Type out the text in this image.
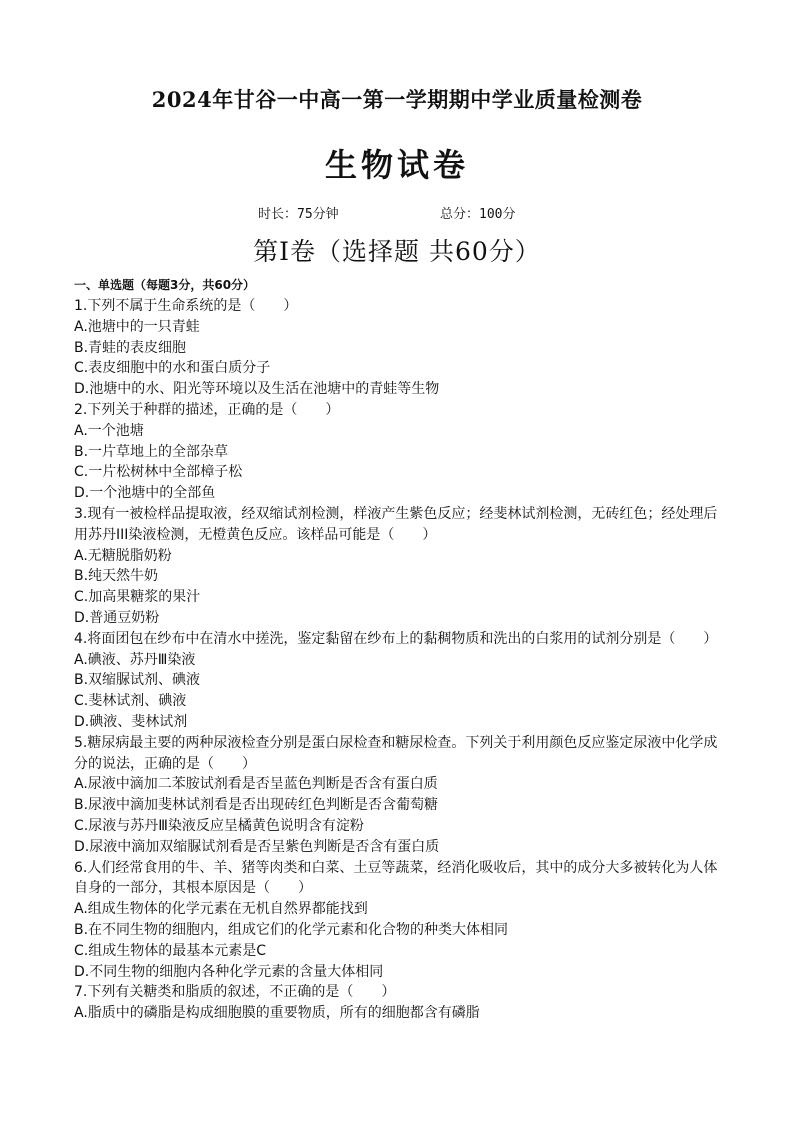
2024年甘谷一中高一第一学期期中学业质量检测卷
生物试卷
时长：75分钟	总分：100分
第Ⅰ卷（选择题 共60分）
一、单选题（每题3分，共60分）
1.下列不属于生命系统的是（　　）
A.池塘中的一只青蛙
B.青蛙的表皮细胞
C.表皮细胞中的水和蛋白质分子
D.池塘中的水、阳光等环境以及生活在池塘中的青蛙等生物
2.下列关于种群的描述，正确的是（　　）
A.一个池塘
B.一片草地上的全部杂草
C.一片松树林中全部樟子松
D.一个池塘中的全部鱼
3.现有一被检样品提取液，经双缩试剂检测，样液产生紫色反应；经斐林试剂检测，无砖红色；经处理后用苏丹III染液检测，无橙黄色反应。该样品可能是（　　）
A.无糖脱脂奶粉
B.纯天然牛奶
C.加高果糖浆的果汁
D.普通豆奶粉
4.将面团包在纱布中在清水中搓洗，鉴定黏留在纱布上的黏稠物质和洗出的白浆用的试剂分别是（　　）
A.碘液、苏丹Ⅲ染液
B.双缩脲试剂、碘液
C.斐林试剂、碘液
D.碘液、斐林试剂
5.糖尿病最主要的两种尿液检查分别是蛋白尿检查和糖尿检查。下列关于利用颜色反应鉴定尿液中化学成分的说法，正确的是（　　）
A.尿液中滴加二苯胺试剂看是否呈蓝色判断是否含有蛋白质
B.尿液中滴加斐林试剂看是否出现砖红色判断是否含葡萄糖
C.尿液与苏丹Ⅲ染液反应呈橘黄色说明含有淀粉
D.尿液中滴加双缩脲试剂看是否呈紫色判断是否含有蛋白质
6.人们经常食用的牛、羊、猪等肉类和白菜、土豆等蔬菜，经消化吸收后，其中的成分大多被转化为人体自身的一部分，其根本原因是（　　）
A.组成生物体的化学元素在无机自然界都能找到
B.在不同生物的细胞内，组成它们的化学元素和化合物的种类大体相同
C.组成生物体的最基本元素是C
D.不同生物的细胞内各种化学元素的含量大体相同
7.下列有关糖类和脂质的叙述，不正确的是（　　）
A.脂质中的磷脂是构成细胞膜的重要物质，所有的细胞都含有磷脂
